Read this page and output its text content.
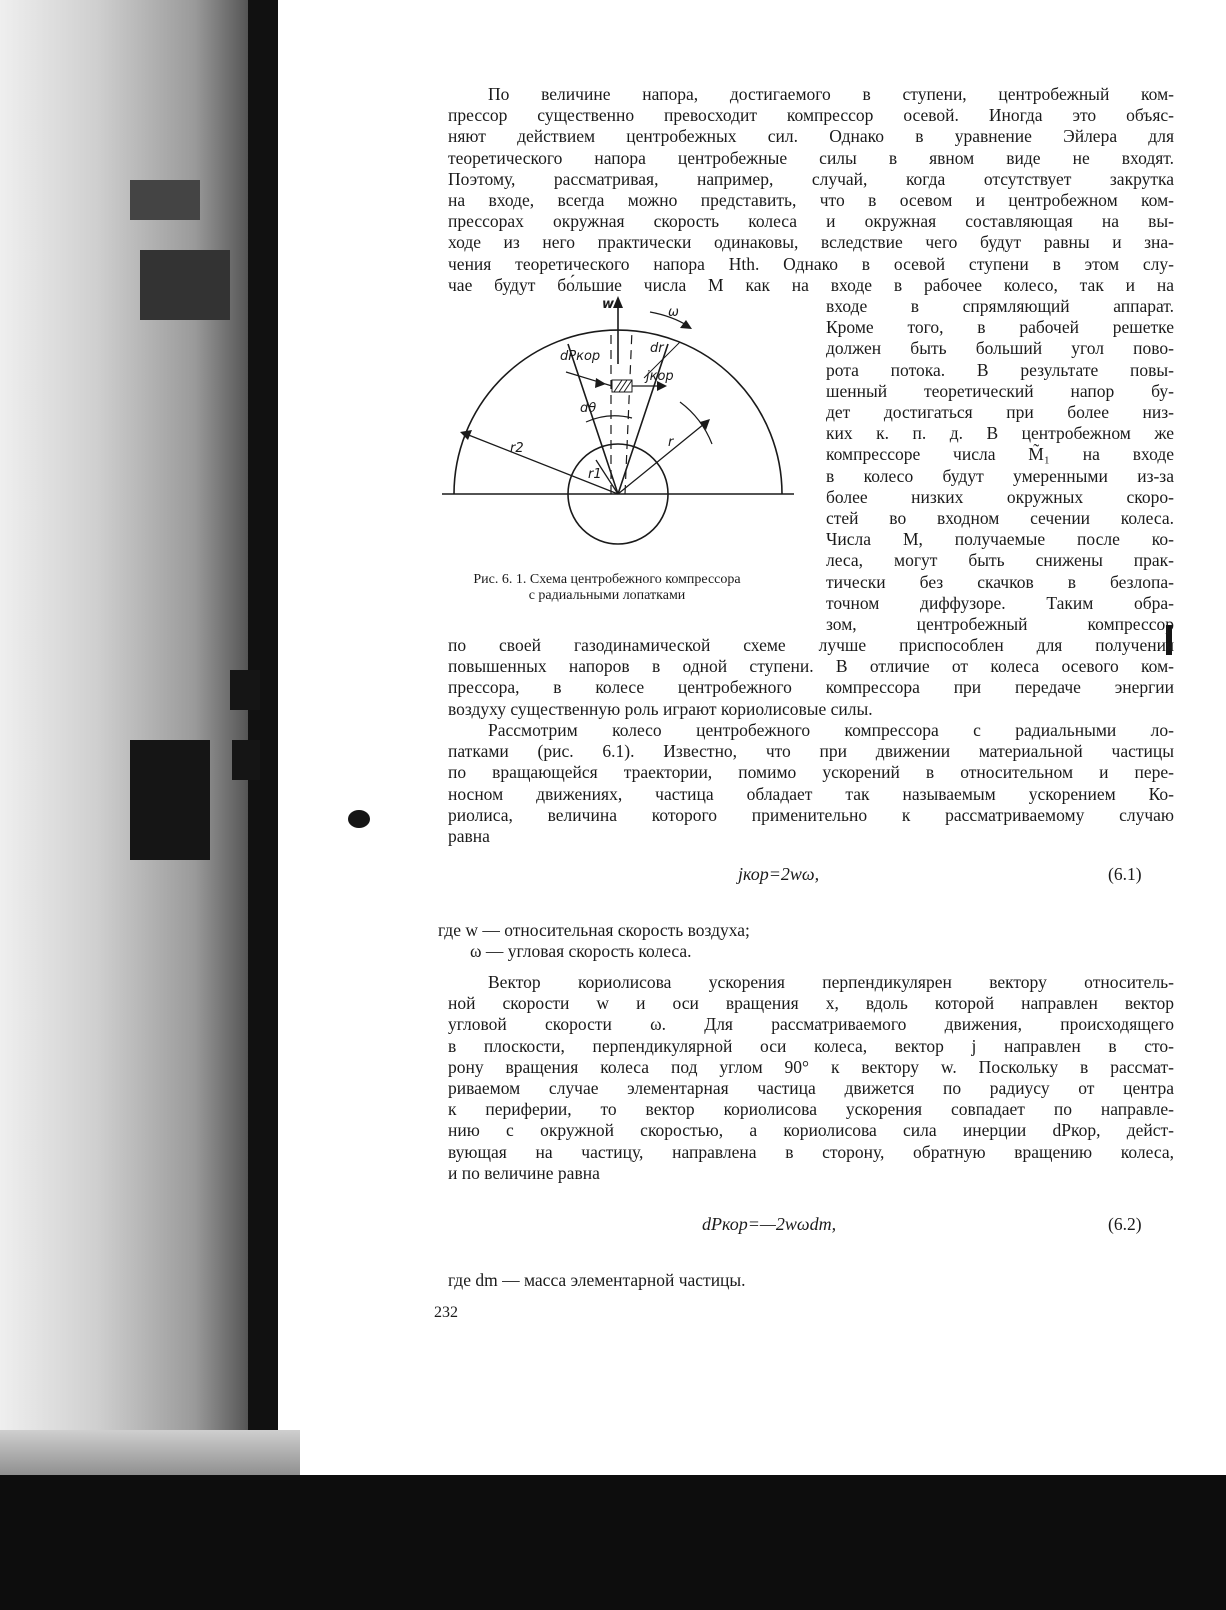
По величине напора, достигаемого в ступени, центробежный ком-
прессор существенно превосходит компрессор осевой. Иногда это объяс-
няют действием центробежных сил. Однако в уравнение Эйлера для
теоретического напора центробежные силы в явном виде не входят.
Поэтому, рассматривая, например, случай, когда отсутствует закрутка
на входе, всегда можно представить, что в осевом и центробежном ком-
прессорах окружная скорость колеса и окружная составляющая на вы-
ходе из него практически одинаковы, вследствие чего будут равны и зна-
чения теоретического напора Hth. Однако в осевой ступени в этом слу-
чае будут бо́льшие числа M как на входе в рабочее колесо, так и на
входе в спрямляющий аппарат.
Кроме того, в рабочей решетке
должен быть больший угол пово-
рота потока. В результате повы-
шенный теоретический напор бу-
дет достигаться при более низ-
ких к. п. д. В центробежном же
компрессоре числа M̃₁ на входе
в колесо будут умеренными из-за
более низких окружных скоро-
стей во входном сечении колеса.
Числа M, получаемые после ко-
леса, могут быть снижены прак-
тически без скачков в безлопа-
точном диффузоре. Таким обра-
зом, центробежный компрессор
w
ω
dPкор
dr
jкор
dθ
r2
r1
r
Рис. 6. 1. Схема центробежного компрессора
с радиальными лопатками
по своей газодинамической схеме лучше приспособлен для получения
повышенных напоров в одной ступени. В отличие от колеса осевого ком-
прессора, в колесе центробежного компрессора при передаче энергии
воздуху существенную роль играют кориолисовые силы.
Рассмотрим колесо центробежного компрессора с радиальными ло-
патками (рис. 6.1). Известно, что при движении материальной частицы
по вращающейся траектории, помимо ускорений в относительном и пере-
носном движениях, частица обладает так называемым ускорением Ко-
риолиса, величина которого применительно к рассматриваемому случаю
равна
jкор=2wω,	(6.1)
где w — относительная скорость воздуха;
ω — угловая скорость колеса.
Вектор кориолисова ускорения перпендикулярен вектору относитель-
ной скорости w и оси вращения x, вдоль которой направлен вектор
угловой скорости ω. Для рассматриваемого движения, происходящего
в плоскости, перпендикулярной оси колеса, вектор j направлен в сто-
рону вращения колеса под углом 90° к вектору w. Поскольку в рассмат-
риваемом случае элементарная частица движется по радиусу от центра
к периферии, то вектор кориолисова ускорения совпадает по направле-
нию с окружной скоростью, а кориолисова сила инерции dPкор, дейст-
вующая на частицу, направлена в сторону, обратную вращению колеса,
и по величине равна
dPкор=—2wωdm,	(6.2)
где dm — масса элементарной частицы.
232
